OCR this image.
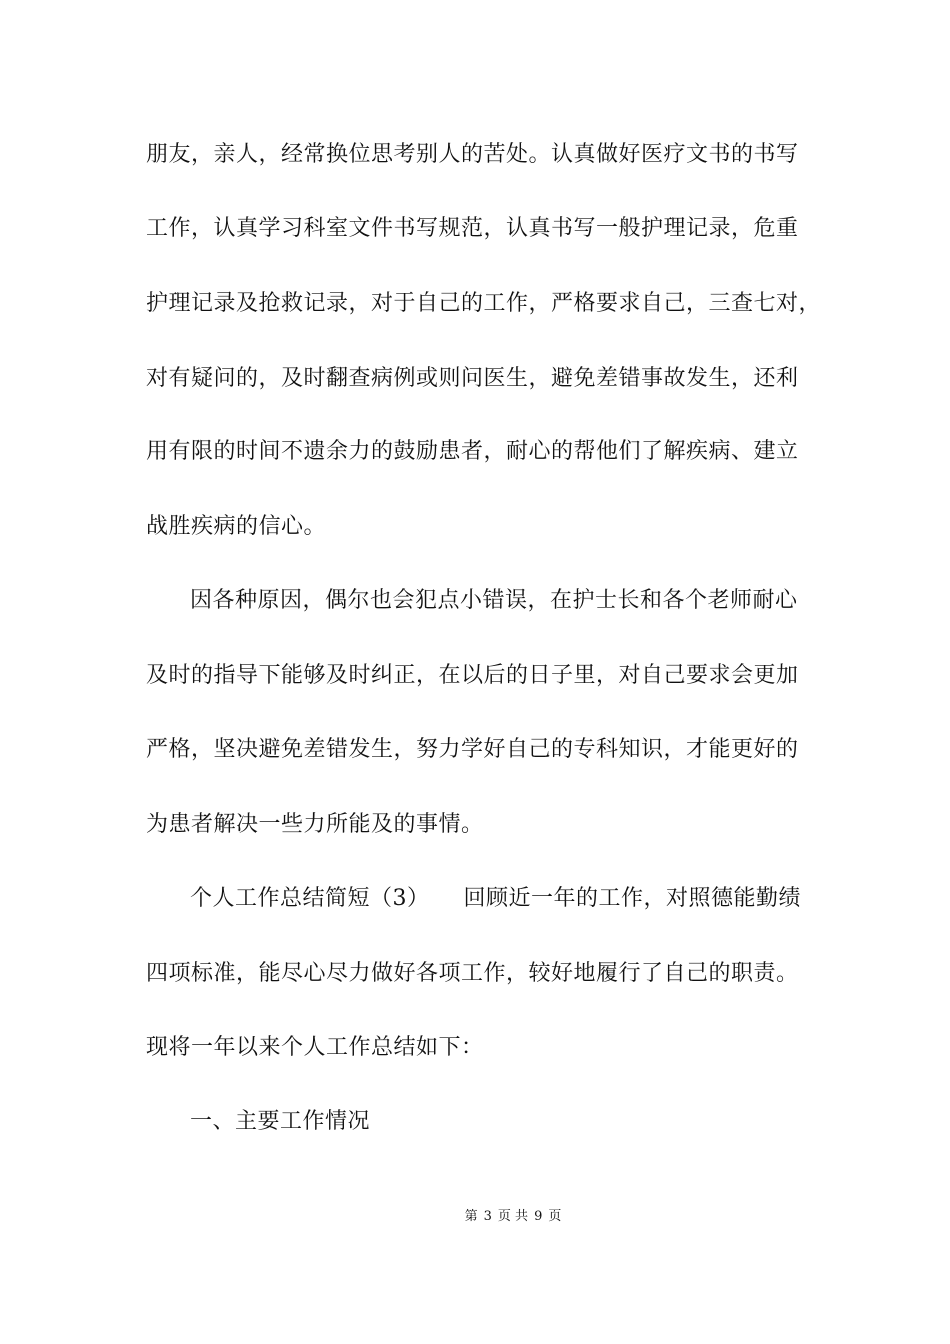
朋友，亲人，经常换位思考别人的苦处。认真做好医疗文书的书写
工作，认真学习科室文件书写规范，认真书写一般护理记录，危重
护理记录及抢救记录，对于自己的工作，严格要求自己，三查七对，
对有疑问的，及时翻查病例或则问医生，避免差错事故发生，还利
用有限的时间不遗余力的鼓励患者，耐心的帮他们了解疾病、建立
战胜疾病的信心。
因各种原因，偶尔也会犯点小错误，在护士长和各个老师耐心
及时的指导下能够及时纠正，在以后的日子里，对自己要求会更加
严格，坚决避免差错发生，努力学好自己的专科知识，才能更好的
为患者解决一些力所能及的事情。
个人工作总结简短（3）　　回顾近一年的工作，对照德能勤绩
四项标准，能尽心尽力做好各项工作，较好地履行了自己的职责。
现将一年以来个人工作总结如下：
一、主要工作情况
第 3 页 共 9 页
